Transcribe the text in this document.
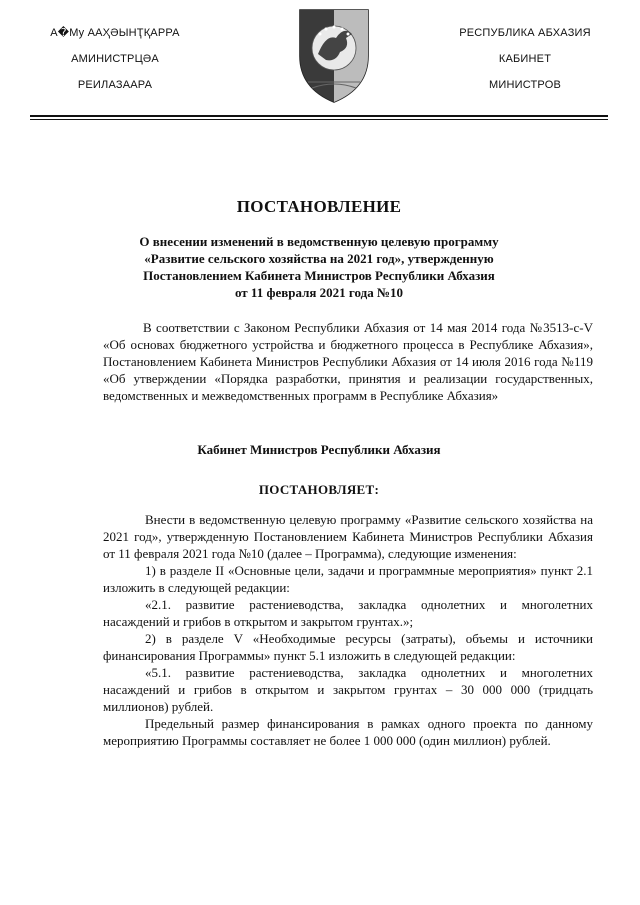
А�My ААҲӘЫНҬҚАРРА
АМИНИСТРЦӘА
РЕИЛАЗААРА
РЕСПУБЛИКА АБХАЗИЯ
КАБИНЕТ
МИНИСТРОВ
ПОСТАНОВЛЕНИЕ
О внесении изменений в ведомственную целевую программу
«Развитие сельского хозяйства на 2021 год», утвержденную
Постановлением Кабинета Министров Республики Абхазия
от 11 февраля 2021 года №10
В соответствии с Законом Республики Абхазия от 14 мая 2014 года №3513-с-V «Об основах бюджетного устройства и бюджетного процесса в Республике Абхазия», Постановлением Кабинета Министров Республики Абхазия от 14 июля 2016 года №119 «Об утверждении «Порядка разработки, принятия и реализации государственных, ведомственных и межведомственных программ в Республике Абхазия»
Кабинет Министров Республики Абхазия
ПОСТАНОВЛЯЕТ:

Внести в ведомственную целевую программу «Развитие сельского хозяйства на 2021 год», утвержденную Постановлением Кабинета Министров Республики Абхазия от 11 февраля 2021 года №10 (далее – Программа), следующие изменения:

1) в разделе II «Основные цели, задачи и программные мероприятия» пункт 2.1 изложить в следующей редакции:

«2.1. развитие растениеводства, закладка однолетних и многолетних насаждений и грибов в открытом и закрытом грунтах.»;

2) в разделе V «Необходимые ресурсы (затраты), объемы и источники финансирования Программы» пункт 5.1 изложить в следующей редакции:

«5.1. развитие растениеводства, закладка однолетних и многолетних насаждений и грибов в открытом и закрытом грунтах – 30 000 000 (тридцать миллионов) рублей.

Предельный размер финансирования в рамках одного проекта по данному мероприятию Программы составляет не более 1 000 000 (один миллион) рублей.
